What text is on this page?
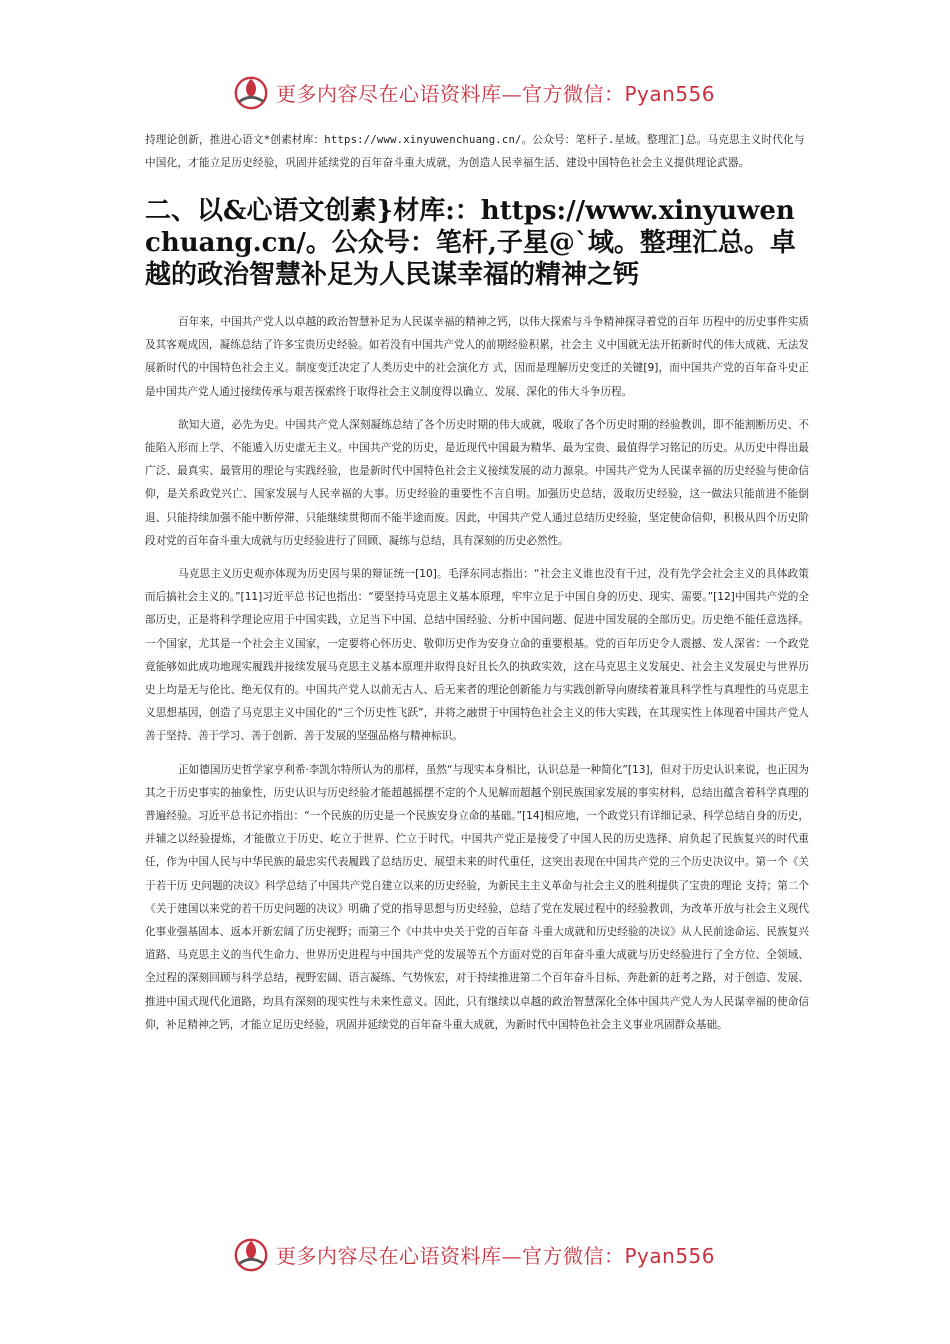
更多内容尽在心语资料库—官方微信：Pyan556

持理论创新，推进心语文*创素材库：https://www.xinyuwenchuang.cn/。公众号：笔杆子.星域。整理汇]总。马克思主义时代化与中国化，才能立足历史经验，巩固并延续党的百年奋斗重大成就，为创造人民幸福生活、建设中国特色社会主义提供理论武器。

二、以&心语文创素}材库:：https://www.xinyuwenchuang.cn/。公众号：笔杆,子星@`域。整理汇总。卓越的政治智慧补足为人民谋幸福的精神之钙

百年来，中国共产党人以卓越的政治智慧补足为人民谋幸福的精神之钙，以伟大探索与斗争精神探寻着党的百年 历程中的历史事件实质及其客观成因，凝练总结了许多宝贵历史经验。如若没有中国共产党人的前期经验积累，社会主 义中国就无法开拓新时代的伟大成就、无法发展新时代的中国特色社会主义。制度变迁决定了人类历史中的社会演化方 式，因而是理解历史变迁的关键[9]，而中国共产党的百年奋斗史正是中国共产党人通过接续传承与艰苦探索终于取得社会主义制度得以确立、发展、深化的伟大斗争历程。

欲知大道，必先为史。中国共产党人深刻凝练总结了各个历史时期的伟大成就，吸取了各个历史时期的经验教训，即不能割断历史、不能陷入形而上学、不能遁入历史虚无主义。中国共产党的历史，是近现代中国最为精华、最为宝贵、最值得学习铭记的历史。从历史中得出最广泛、最真实、最管用的理论与实践经验，也是新时代中国特色社会主义接续发展的动力源泉。中国共产党为人民谋幸福的历史经验与使命信仰，是关系政党兴亡、国家发展与人民幸福的大事。历史经验的重要性不言自明。加强历史总结，汲取历史经验，这一做法只能前进不能倒退、只能持续加强不能中断停滞、只能继续贯彻而不能半途而废。因此，中国共产党人通过总结历史经验，坚定使命信仰，积极从四个历史阶段对党的百年奋斗重大成就与历史经验进行了回顾、凝练与总结，具有深刻的历史必然性。

马克思主义历史观亦体现为历史因与果的辩证统一[10]。毛泽东同志指出：“社会主义谁也没有干过，没有先学会社会主义的具体政策而后搞社会主义的。”[11]习近平总书记也指出：“要坚持马克思主义基本原理，牢牢立足于中国自身的历史、现实、需要。”[12]中国共产党的全部历史，正是将科学理论应用于中国实践，立足当下中国、总结中国经验、分析中国问题、促进中国发展的全部历史。历史绝不能任意选择。一个国家，尤其是一个社会主义国家，一定要将心怀历史、敬仰历史作为安身立命的重要根基。党的百年历史令人震撼、发人深省：一个政党竟能够如此成功地现实履践并接续发展马克思主义基本原理并取得良好且长久的执政实效，这在马克思主义发展史、社会主义发展史与世界历史上均是无与伦比、绝无仅有的。中国共产党人以前无古人、后无来者的理论创新能力与实践创新导向赓续着兼具科学性与真理性的马克思主义思想基因，创造了马克思主义中国化的“三个历史性飞跃”，并将之融贯于中国特色社会主义的伟大实践，在其现实性上体现着中国共产党人善于坚持、善于学习、善于创新、善于发展的坚强品格与精神标识。

正如德国历史哲学家亨利希·李凯尔特所认为的那样，虽然“与现实本身相比，认识总是一种简化”[13]，但对于历史认识来说，也正因为其之于历史事实的抽象性，历史认识与历史经验才能超越摇摆不定的个人见解而超越个别民族国家发展的事实材料，总结出蕴含着科学真理的普遍经验。习近平总书记亦指出：“一个民族的历史是一个民族安身立命的基础。”[14]相应地，一个政党只有详细记录、科学总结自身的历史，并辅之以经验提炼，才能傲立于历史、屹立于世界、伫立于时代。中国共产党正是接受了中国人民的历史选择、肩负起了民族复兴的时代重任，作为中国人民与中华民族的最忠实代表履践了总结历史、展望未来的时代重任，这突出表现在中国共产党的三个历史决议中。第一个《关于若干历 史问题的决议》科学总结了中国共产党自建立以来的历史经验，为新民主主义革命与社会主义的胜利提供了宝贵的理论 支持；第二个《关于建国以来党的若干历史问题的决议》明确了党的指导思想与历史经验，总结了党在发展过程中的经验教训，为改革开放与社会主义现代化事业强基固本、返本开新宏阔了历史视野；而第三个《中共中央关于党的百年奋 斗重大成就和历史经验的决议》从人民前途命运、民族复兴道路、马克思主义的当代生命力、世界历史进程与中国共产党的发展等五个方面对党的百年奋斗重大成就与历史经验进行了全方位、全领域、全过程的深刻回顾与科学总结，视野宏阔、语言凝练、气势恢宏，对于持续推进第二个百年奋斗目标、奔赴新的赶考之路，对于创造、发展、推进中国式现代化道路，均具有深刻的现实性与未来性意义。因此，只有继续以卓越的政治智慧深化全体中国共产党人为人民谋幸福的使命信仰，补足精神之钙，才能立足历史经验，巩固并延续党的百年奋斗重大成就，为新时代中国特色社会主义事业巩固群众基础。

更多内容尽在心语资料库—官方微信：Pyan556
